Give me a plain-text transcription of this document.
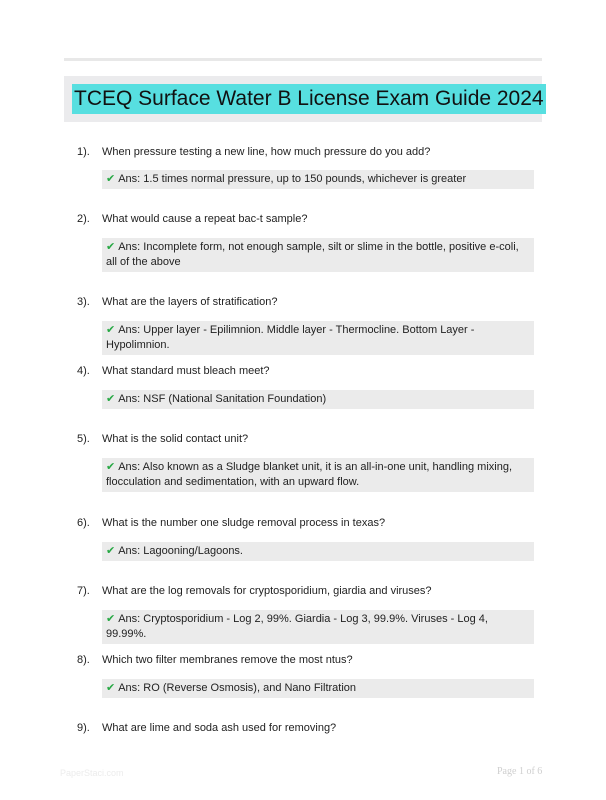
TCEQ Surface Water B License Exam Guide 2024
1). When pressure testing a new line, how much pressure do you add?
✔ Ans: 1.5 times normal pressure, up to 150 pounds, whichever is greater
2). What would cause a repeat bac-t sample?
✔ Ans: Incomplete form, not enough sample, silt or slime in the bottle, positive e-coli, all of the above
3). What are the layers of stratification?
✔ Ans: Upper layer - Epilimnion. Middle layer - Thermocline. Bottom Layer - Hypolimnion.
4). What standard must bleach meet?
✔ Ans: NSF (National Sanitation Foundation)
5). What is the solid contact unit?
✔ Ans: Also known as a Sludge blanket unit, it is an all-in-one unit, handling mixing, flocculation and sedimentation, with an upward flow.
6). What is the number one sludge removal process in texas?
✔ Ans: Lagooning/Lagoons.
7). What are the log removals for cryptosporidium, giardia and viruses?
✔ Ans: Cryptosporidium - Log 2, 99%. Giardia - Log 3, 99.9%. Viruses - Log 4, 99.99%.
8). Which two filter membranes remove the most ntus?
✔ Ans: RO (Reverse Osmosis), and Nano Filtration
9). What are lime and soda ash used for removing?
PaperStaci.com	Page 1 of 6
